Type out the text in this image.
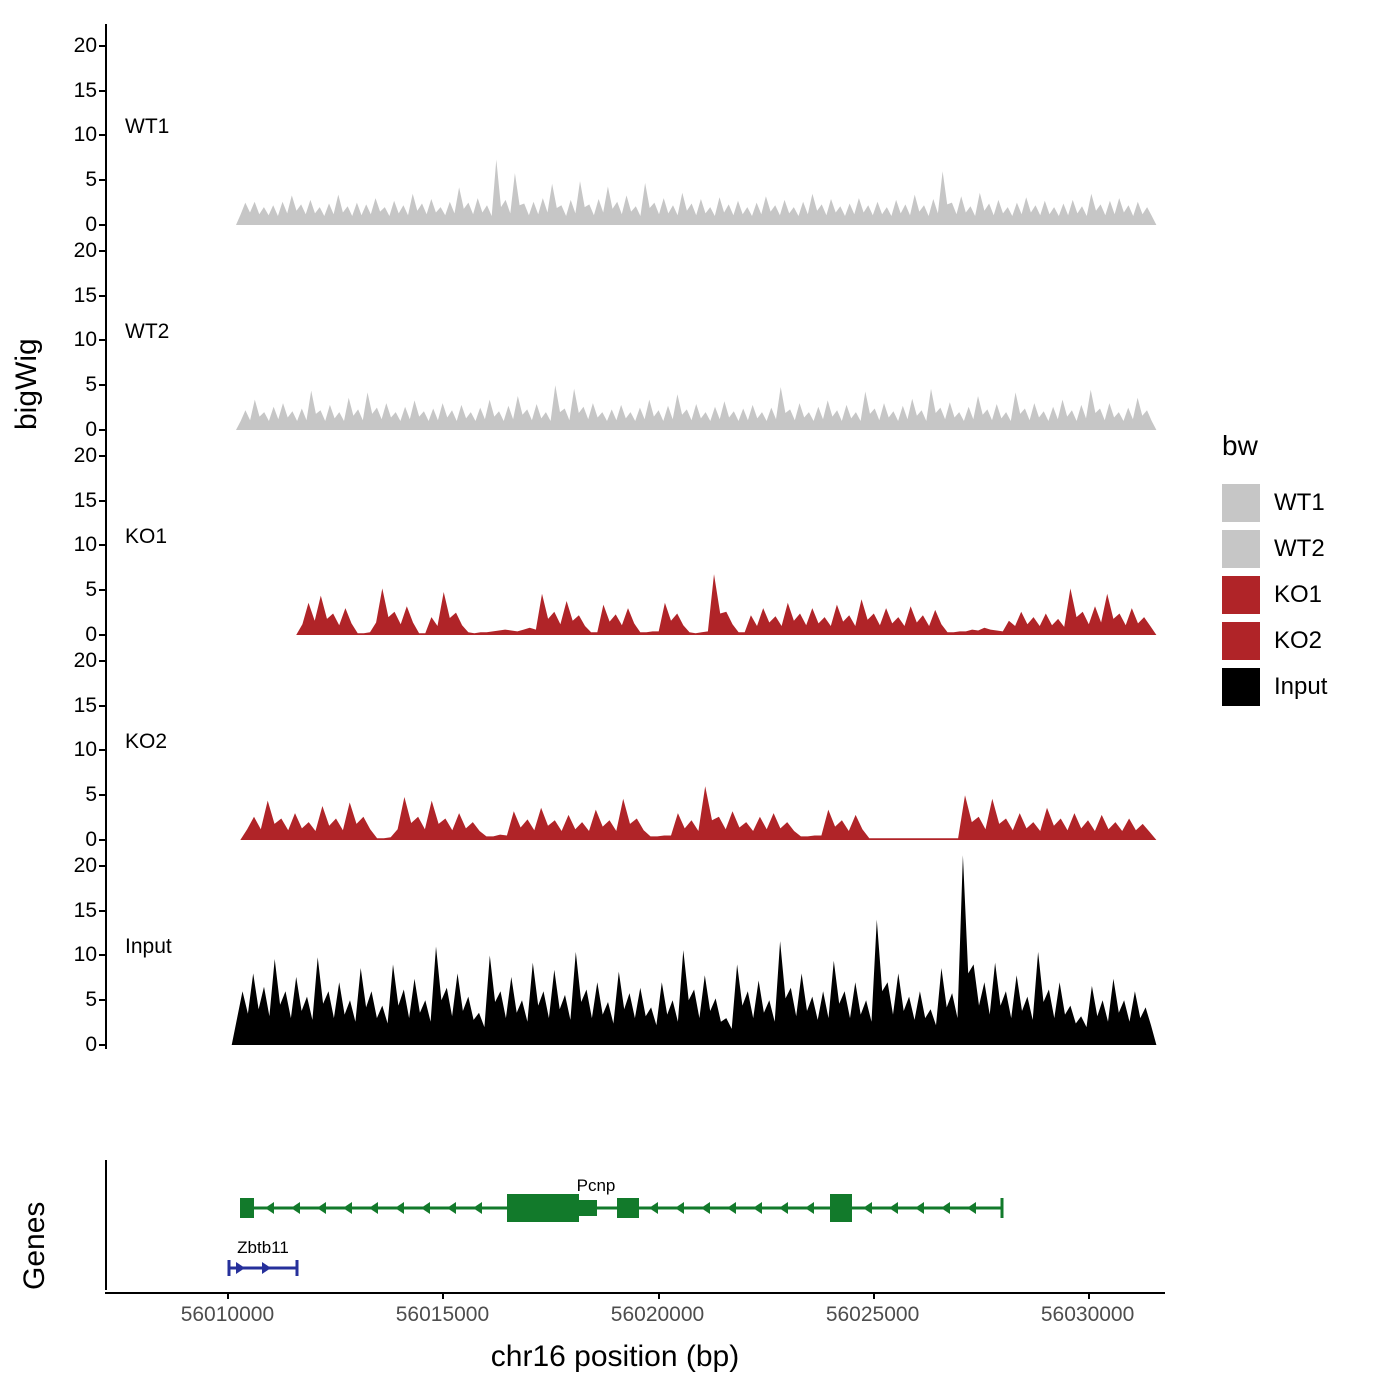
bigWig
Genes
0
5
10
15
20
WT1
0
5
10
15
20
WT2
0
5
10
15
20
KO1
0
5
10
15
20
KO2
0
5
10
15
20
Input
bw
WT1
WT2
KO1
KO2
Input
Pcnp
Zbtb11
56010000	56015000	56020000	56025000	56030000
chr16 position (bp)
